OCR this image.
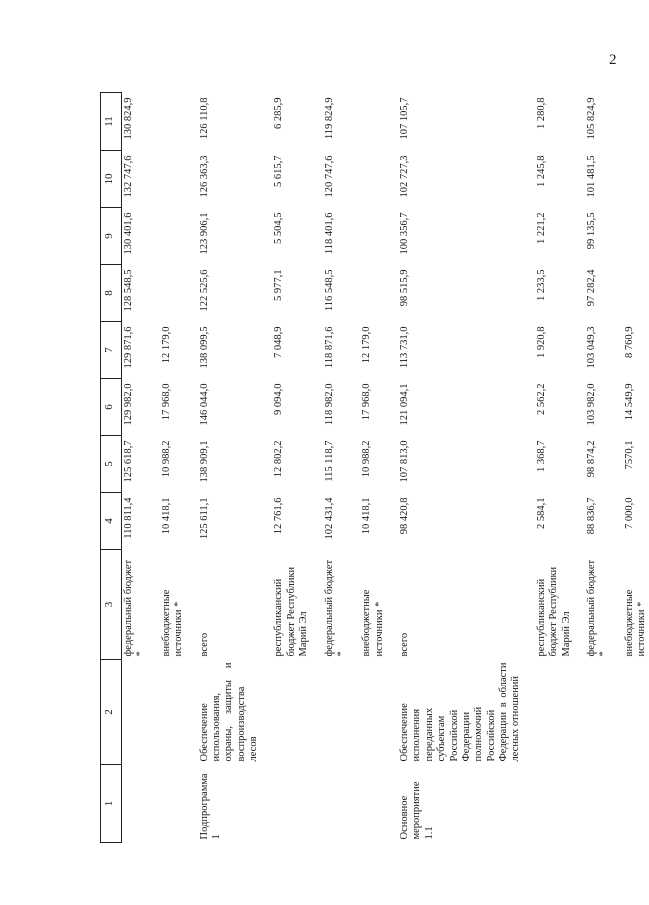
2
1	2	3	4	5	6	7	8	9	10	11
		федеральный бюджет *	110 811,4	125 618,7	129 982,0	129 871,6	128 548,5	130 401,6	132 747,6	130 824,9
		внебюджетные источники *	10 418,1	10 988,2	17 968,0	12 179,0				
Подпрограмма 1	Обеспечение использования, охраны, защиты и воспроизводства лесов	всего	125 611,1	138 909,1	146 044,0	138 099,5	122 525,6	123 906,1	126 363,3	126 110,8
		республиканский бюджет Республики Марий Эл	12 761,6	12 802,2	9 094,0	7 048,9	5 977,1	5 504,5	5 615,7	6 285,9
		федеральный бюджет *	102 431,4	115 118,7	118 982,0	118 871,6	116 548,5	118 401,6	120 747,6	119 824,9
		внебюджетные источники *	10 418,1	10 988,2	17 968,0	12 179,0				
Основное мероприятие 1.1	Обеспечение исполнения переданных субъектам Российской Федерации полномочий Российской Федерации в области лесных отношений	всего	98 420,8	107 813,0	121 094,1	113 731,0	98 515,9	100 356,7	102 727,3	107 105,7
		республиканский бюджет Республики Марий Эл	2 584,1	1 368,7	2 562,2	1 920,8	1 233,5	1 221,2	1 245,8	1 280,8
		федеральный бюджет *	88 836,7	98 874,2	103 982,0	103 049,3	97 282,4	99 135,5	101 481,5	105 824,9
		внебюджетные источники *	7 000,0	7570,1	14 549,9	8 760,9				
